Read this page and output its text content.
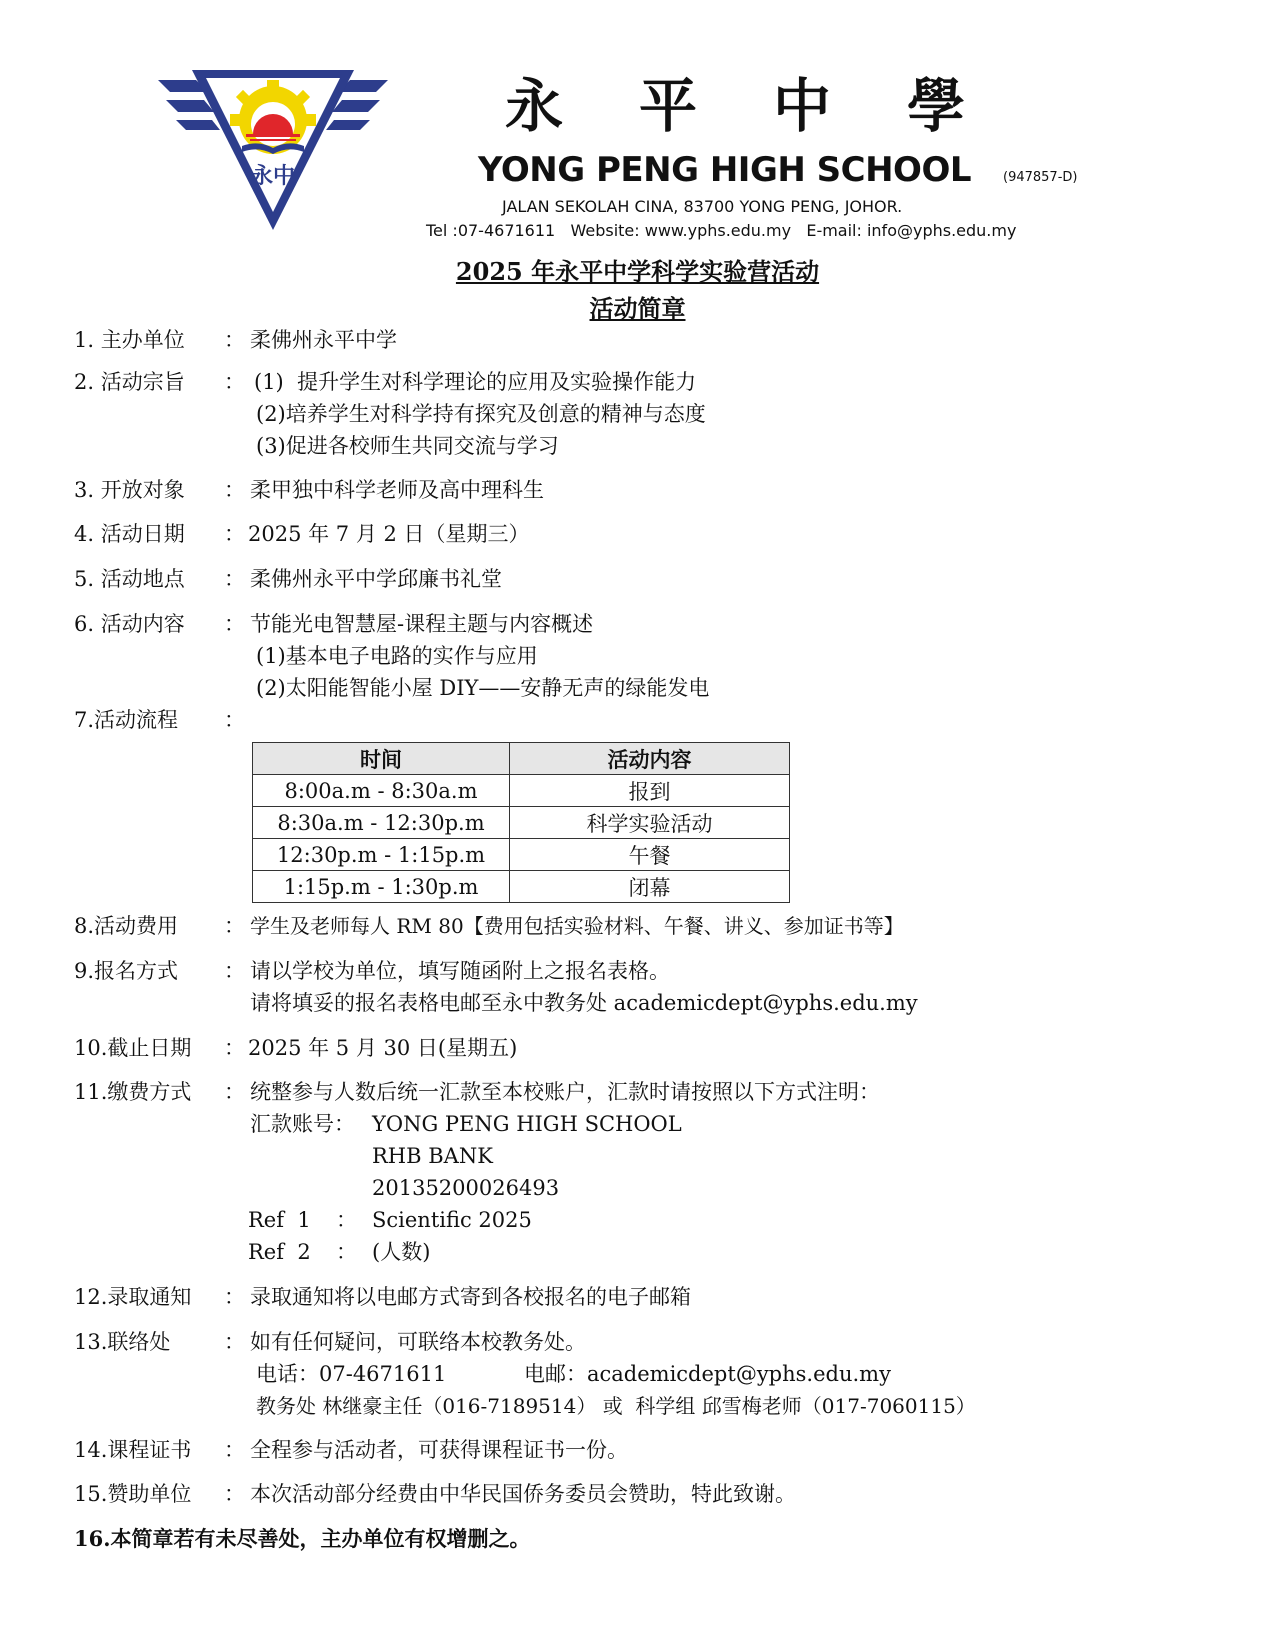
永中
永 平 中 學
YONG PENG HIGH SCHOOL (947857-D)
JALAN SEKOLAH CINA, 83700 YONG PENG, JOHOR.
Tel :07-4671611   Website: www.yphs.edu.my   E-mail: info@yphs.edu.my
2025 年永平中学科学实验营活动
活动简章
1. 主办单位 ： 柔佛州永平中学
2. 活动宗旨 ： (1)  提升学生对科学理论的应用及实验操作能力
(2)培养学生对科学持有探究及创意的精神与态度
(3)促进各校师生共同交流与学习
3. 开放对象 ： 柔甲独中科学老师及高中理科生
4. 活动日期 ： 2025 年 7 月 2 日（星期三）
5. 活动地点 ： 柔佛州永平中学邱廉书礼堂
6. 活动内容 ： 节能光电智慧屋-课程主题与内容概述
(1)基本电子电路的实作与应用
(2)太阳能智能小屋 DIY——安静无声的绿能发电
7.活动流程 ：
时间	活动内容
8:00a.m - 8:30a.m	报到
8:30a.m - 12:30p.m	科学实验活动
12:30p.m - 1:15p.m	午餐
1:15p.m - 1:30p.m	闭幕
8.活动费用 ： 学生及老师每人 RM 80【费用包括实验材料、午餐、讲义、参加证书等】
9.报名方式 ： 请以学校为单位，填写随函附上之报名表格。
请将填妥的报名表格电邮至永中教务处 academicdept@yphs.edu.my
10.截止日期 ： 2025 年 5 月 30 日(星期五)
11.缴费方式 ： 统整参与人数后统一汇款至本校账户，汇款时请按照以下方式注明：
汇款账号： YONG PENG HIGH SCHOOL
RHB BANK
20135200026493
Ref  1 ： Scientific 2025
Ref  2 ： (人数)
12.录取通知 ： 录取通知将以电邮方式寄到各校报名的电子邮箱
13.联络处	： 如有任何疑问，可联络本校教务处。
电话：07-4671611	电邮：academicdept@yphs.edu.my
教务处 林继豪主任（016-7189514） 或  科学组 邱雪梅老师（017-7060115）
14.课程证书 ： 全程参与活动者，可获得课程证书一份。
15.赞助单位 ： 本次活动部分经费由中华民国侨务委员会赞助，特此致谢。
16.本简章若有未尽善处，主办单位有权增删之。
